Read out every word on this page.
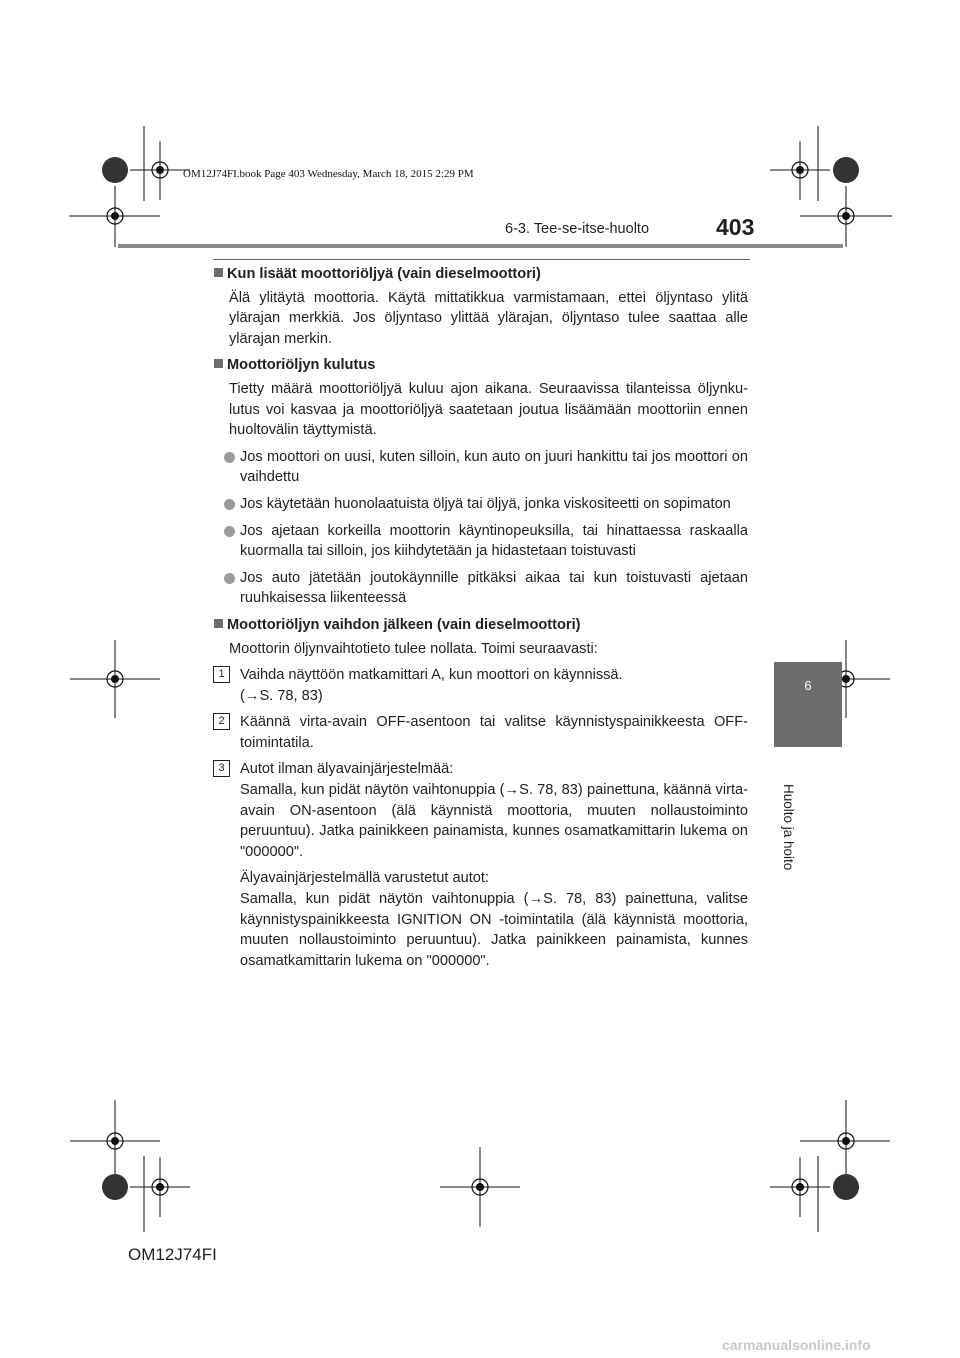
OM12J74FI.book Page 403 Wednesday, March 18, 2015 2:29 PM
6-3. Tee-se-itse-huolto	403
6
Huolto ja hoito
Kun lisäät moottoriöljyä (vain dieselmoottori)
Älä ylitäytä moottoria. Käytä mittatikkua varmistamaan, ettei öljyntaso ylitä ylärajan merkkiä. Jos öljyntaso ylittää ylärajan, öljyntaso tulee saattaa alle ylärajan merkin.
Moottoriöljyn kulutus
Tietty määrä moottoriöljyä kuluu ajon aikana. Seuraavissa tilanteissa öljynku-lutus voi kasvaa ja moottoriöljyä saatetaan joutua lisäämään moottoriin ennen huoltovälin täyttymistä.
Jos moottori on uusi, kuten silloin, kun auto on juuri hankittu tai jos moottori on vaihdettu
Jos käytetään huonolaatuista öljyä tai öljyä, jonka viskositeetti on sopimaton
Jos ajetaan korkeilla moottorin käyntinopeuksilla, tai hinattaessa raskaalla kuormalla tai silloin, jos kiihdytetään ja hidastetaan toistuvasti
Jos auto jätetään joutokäynnille pitkäksi aikaa tai kun toistuvasti ajetaan ruuhkaisessa liikenteessä
Moottoriöljyn vaihdon jälkeen (vain dieselmoottori)
Moottorin öljynvaihtotieto tulee nollata. Toimi seuraavasti:
1	Vaihda näyttöön matkamittari A, kun moottori on käynnissä.
(→S. 78, 83)
2	Käännä virta-avain OFF-asentoon tai valitse käynnistyspainikkeesta OFF-toimintatila.
3	Autot ilman älyavainjärjestelmää:
Samalla, kun pidät näytön vaihtonuppia (→S. 78, 83) painettuna, käännä virta-avain ON-asentoon (älä käynnistä moottoria, muuten nollaustoiminto peruuntuu). Jatka painikkeen painamista, kunnes osamatkamittarin lukema on "000000".
Älyavainjärjestelmällä varustetut autot:
Samalla, kun pidät näytön vaihtonuppia (→S. 78, 83) painettuna, valitse käynnistyspainikkeesta IGNITION ON -toimintatila (älä käynnistä moottoria, muuten nollaustoiminto peruuntuu). Jatka painikkeen painamista, kunnes osamatkamittarin lukema on "000000".
OM12J74FI
carmanualsonline.info
